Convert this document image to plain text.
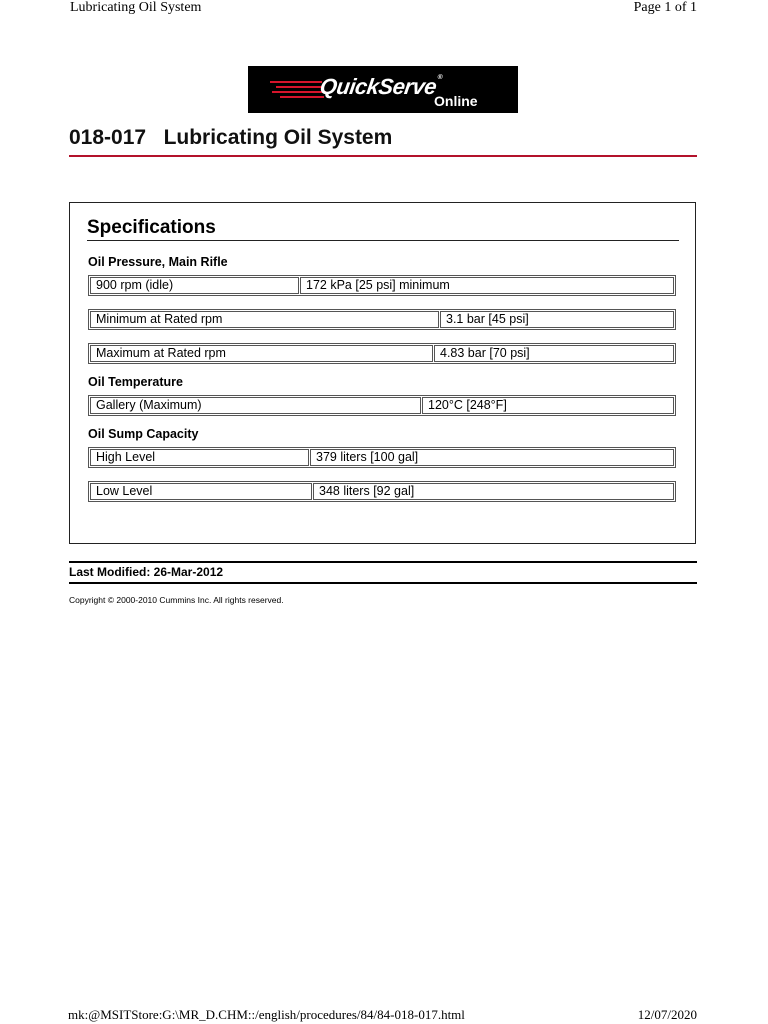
Lubricating Oil System	Page 1 of 1
QuickServe®
Online
018-017   Lubricating Oil System
Specifications
Oil Pressure, Main Rifle
900 rpm (idle)	172 kPa [25 psi] minimum
Minimum at Rated rpm	3.1 bar [45 psi]
Maximum at Rated rpm	4.83 bar [70 psi]
Oil Temperature
Gallery (Maximum)	120°C [248°F]
Oil Sump Capacity
High Level	379 liters [100 gal]
Low Level	348 liters [92 gal]
Last Modified: 26-Mar-2012
Copyright © 2000-2010 Cummins Inc. All rights reserved.
mk:@MSITStore:G:\MR_D.CHM::/english/procedures/84/84-018-017.html	12/07/2020
